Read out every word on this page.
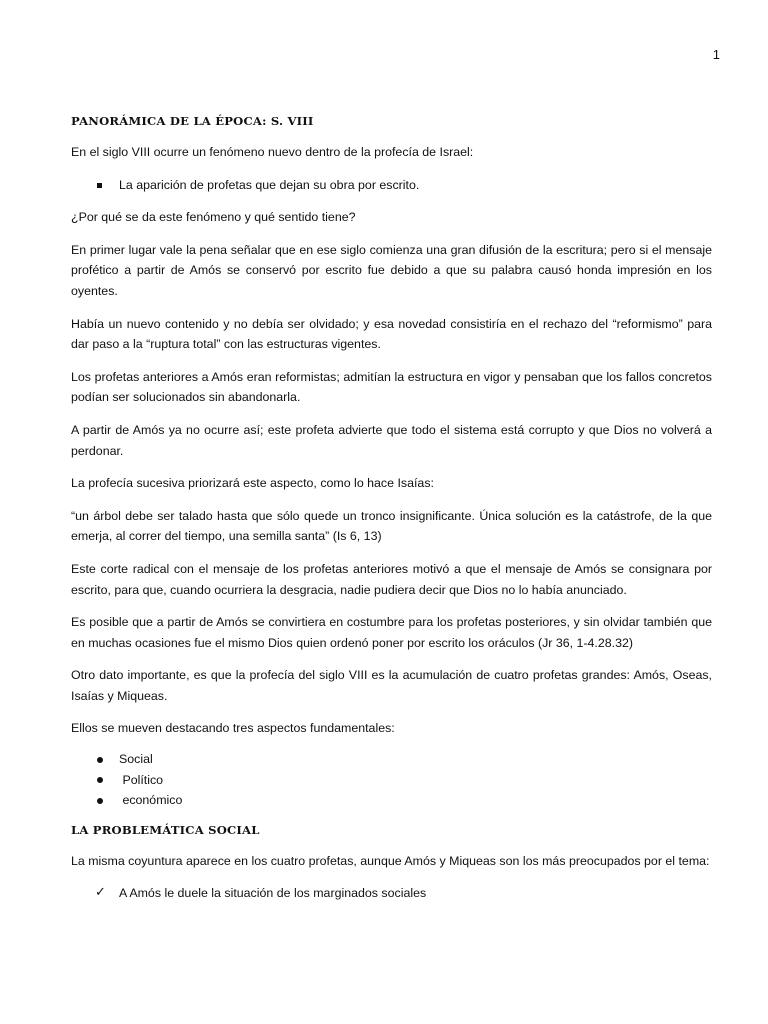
1
PANORÁMICA DE LA ÉPOCA: S. VIII

En el siglo VIII ocurre un fenómeno nuevo dentro de la profecía de Israel:

La aparición de profetas que dejan su obra por escrito.

¿Por qué se da este fenómeno y qué sentido tiene?

En primer lugar vale la pena señalar que en ese siglo comienza una gran difusión de la escritura; pero si el mensaje profético a partir de Amós se conservó por escrito fue debido a que su palabra causó honda impresión en los oyentes.

Había un nuevo contenido y no debía ser olvidado; y esa novedad consistiría en el rechazo del “reformismo” para dar paso a la “ruptura total” con las estructuras vigentes.

Los profetas anteriores a Amós eran reformistas; admitían la estructura en vigor y pensaban que los fallos concretos podían ser solucionados sin abandonarla.

A partir de Amós ya no ocurre así; este profeta advierte que todo el sistema está corrupto y que Dios no volverá a perdonar.

La profecía sucesiva priorizará este aspecto, como lo hace Isaías:

“un árbol debe ser talado hasta que sólo quede un tronco insignificante. Única solución es la catástrofe, de la que emerja, al correr del tiempo, una semilla santa” (Is 6, 13)

Este corte radical con el mensaje de los profetas anteriores motivó a que el mensaje de Amós se consignara por escrito, para que, cuando ocurriera la desgracia, nadie pudiera decir que Dios no lo había anunciado.

Es posible que a partir de Amós se convirtiera en costumbre para los profetas posteriores, y sin olvidar también que en muchas ocasiones fue el mismo Dios quien ordenó poner por escrito los oráculos (Jr 36, 1-4.28.32)

Otro dato importante, es que la profecía del siglo VIII es la acumulación de cuatro profetas grandes: Amós, Oseas, Isaías y Miqueas.

Ellos se mueven destacando tres aspectos fundamentales:

Social
Político
económico
LA PROBLEMÁTICA SOCIAL

La misma coyuntura aparece en los cuatro profetas, aunque Amós y Miqueas son los más preocupados por el tema:

✓ A Amós le duele la situación de los marginados sociales
